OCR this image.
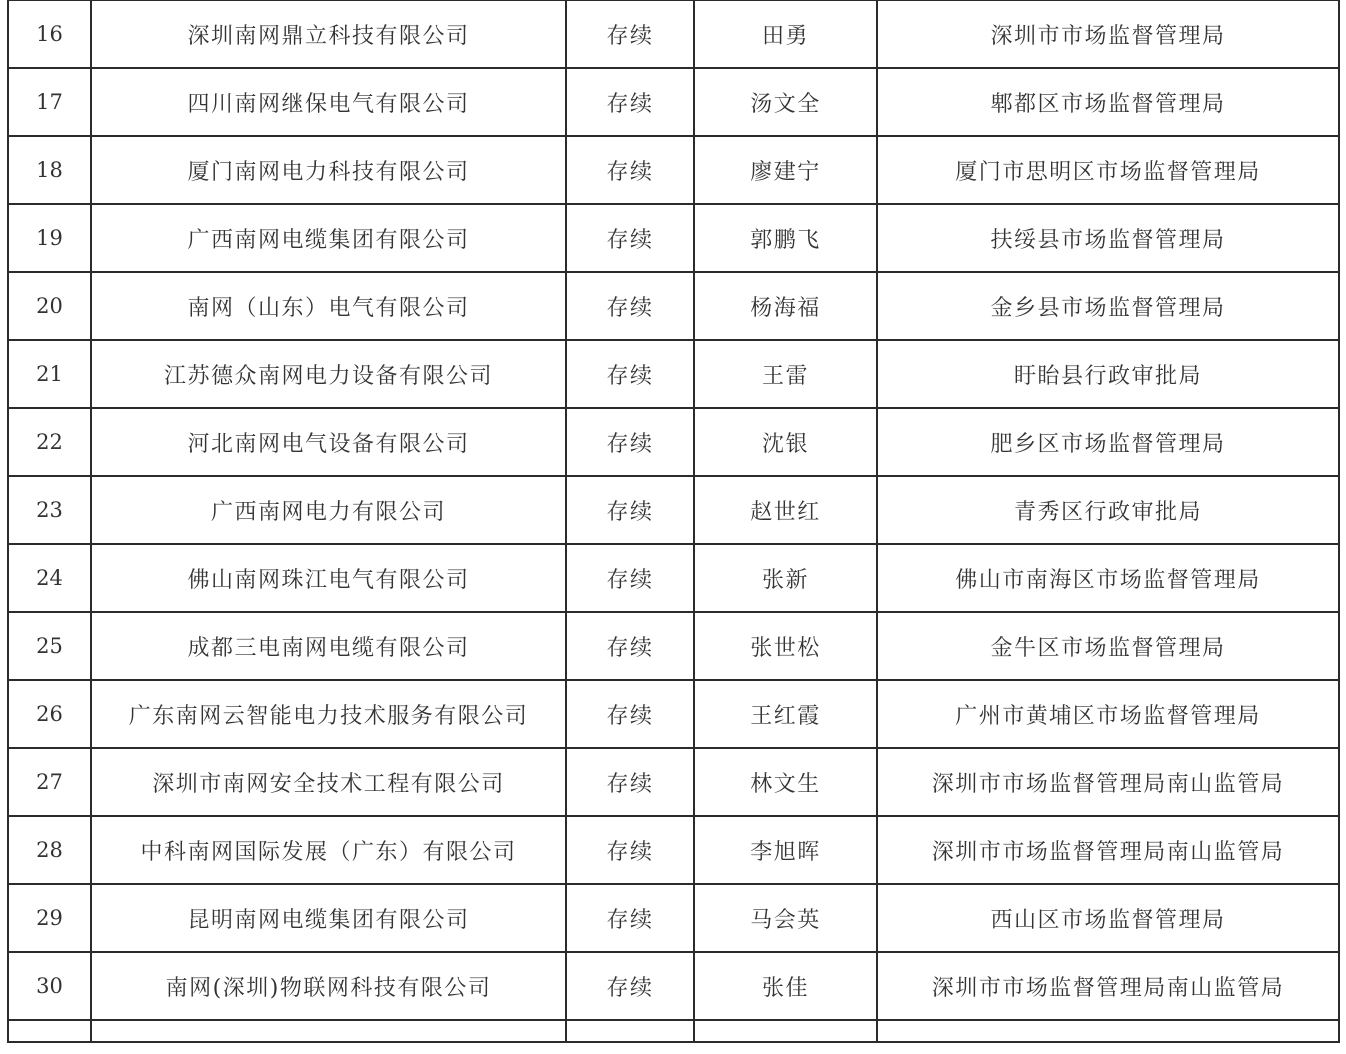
16	深圳南网鼎立科技有限公司	存续	田勇	深圳市市场监督管理局
17	四川南网继保电气有限公司	存续	汤文全	郫都区市场监督管理局
18	厦门南网电力科技有限公司	存续	廖建宁	厦门市思明区市场监督管理局
19	广西南网电缆集团有限公司	存续	郭鹏飞	扶绥县市场监督管理局
20	南网（山东）电气有限公司	存续	杨海福	金乡县市场监督管理局
21	江苏德众南网电力设备有限公司	存续	王雷	盱眙县行政审批局
22	河北南网电气设备有限公司	存续	沈银	肥乡区市场监督管理局
23	广西南网电力有限公司	存续	赵世红	青秀区行政审批局
24	佛山南网珠江电气有限公司	存续	张新	佛山市南海区市场监督管理局
25	成都三电南网电缆有限公司	存续	张世松	金牛区市场监督管理局
26	广东南网云智能电力技术服务有限公司	存续	王红霞	广州市黄埔区市场监督管理局
27	深圳市南网安全技术工程有限公司	存续	林文生	深圳市市场监督管理局南山监管局
28	中科南网国际发展（广东）有限公司	存续	李旭晖	深圳市市场监督管理局南山监管局
29	昆明南网电缆集团有限公司	存续	马会英	西山区市场监督管理局
30	南网(深圳)物联网科技有限公司	存续	张佳	深圳市市场监督管理局南山监管局
